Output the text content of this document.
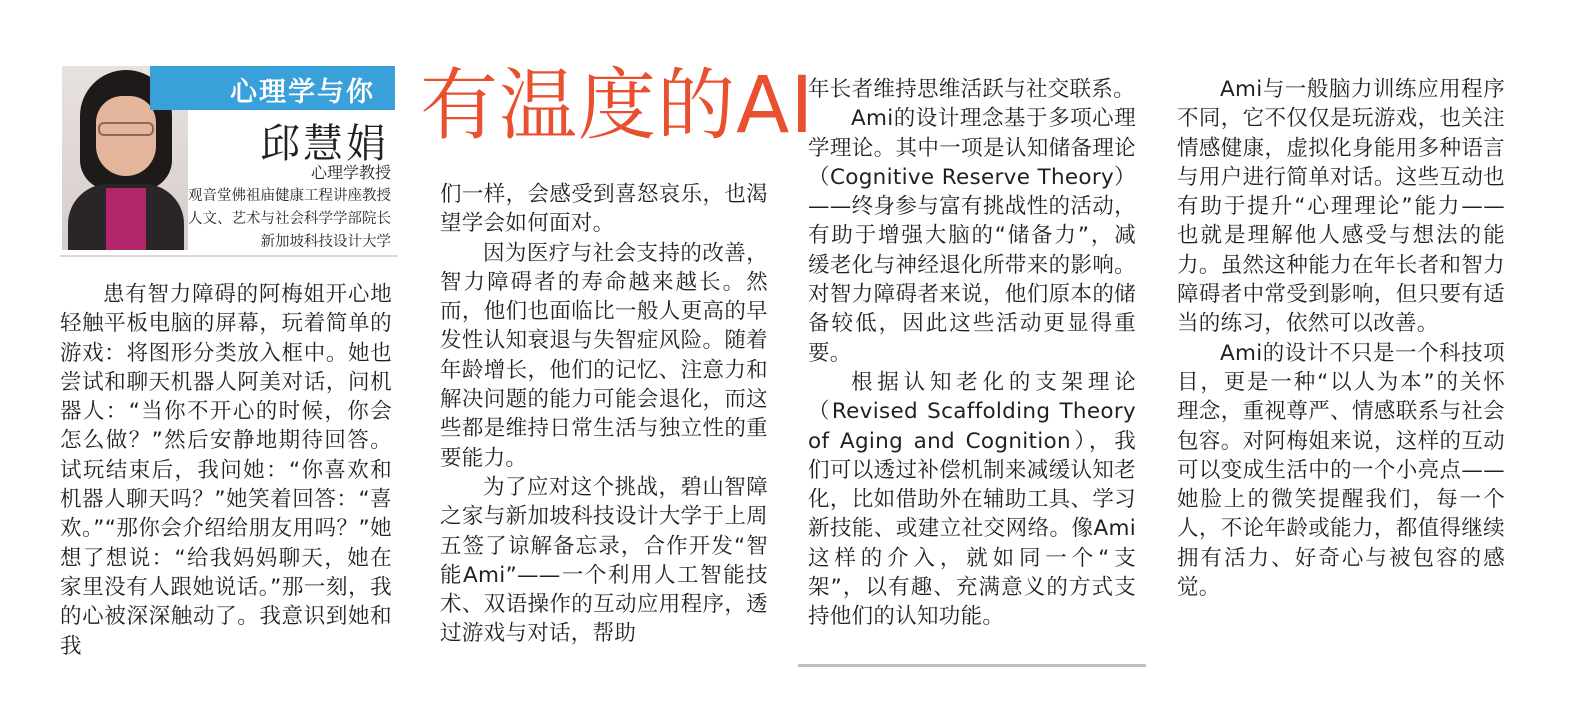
心理学与你
邱慧娟
心理学教授
观音堂佛祖庙健康工程讲座教授
人文、艺术与社会科学学部院长
新加坡科技设计大学
有温度的AI

患有智力障碍的阿梅姐开心地轻触平板电脑的屏幕，玩着简单的游戏：将图形分类放入框中。她也尝试和聊天机器人阿美对话，问机器人：“当你不开心的时候，你会怎么做？”然后安静地期待回答。试玩结束后，我问她：“你喜欢和机器人聊天吗？”她笑着回答：“喜欢。”“那你会介绍给朋友用吗？”她想了想说：“给我妈妈聊天，她在家里没有人跟她说话。”那一刻，我的心被深深触动了。我意识到她和我

们一样，会感受到喜怒哀乐，也渴望学会如何面对。

因为医疗与社会支持的改善，智力障碍者的寿命越来越长。然而，他们也面临比一般人更高的早发性认知衰退与失智症风险。随着年龄增长，他们的记忆、注意力和解决问题的能力可能会退化，而这些都是维持日常生活与独立性的重要能力。

为了应对这个挑战，碧山智障之家与新加坡科技设计大学于上周五签了谅解备忘录，合作开发“智能Ami”——一个利用人工智能技术、双语操作的互动应用程序，透过游戏与对话，帮助

年长者维持思维活跃与社交联系。

Ami的设计理念基于多项心理学理论。其中一项是认知储备理论（Cognitive Reserve Theory）——终身参与富有挑战性的活动，有助于增强大脑的“储备力”，减缓老化与神经退化所带来的影响。对智力障碍者来说，他们原本的储备较低，因此这些活动更显得重要。

根据认知老化的支架理论（Revised Scaffolding Theory of Aging and Cognition），我们可以透过补偿机制来减缓认知老化，比如借助外在辅助工具、学习新技能、或建立社交网络。像Ami这样的介入，就如同一个“支架”，以有趣、充满意义的方式支持他们的认知功能。

Ami与一般脑力训练应用程序不同，它不仅仅是玩游戏，也关注情感健康，虚拟化身能用多种语言与用户进行简单对话。这些互动也有助于提升“心理理论”能力——也就是理解他人感受与想法的能力。虽然这种能力在年长者和智力障碍者中常受到影响，但只要有适当的练习，依然可以改善。

Ami的设计不只是一个科技项目，更是一种“以人为本”的关怀理念，重视尊严、情感联系与社会包容。对阿梅姐来说，这样的互动可以变成生活中的一个小亮点——她脸上的微笑提醒我们，每一个人，不论年龄或能力，都值得继续拥有活力、好奇心与被包容的感觉。
